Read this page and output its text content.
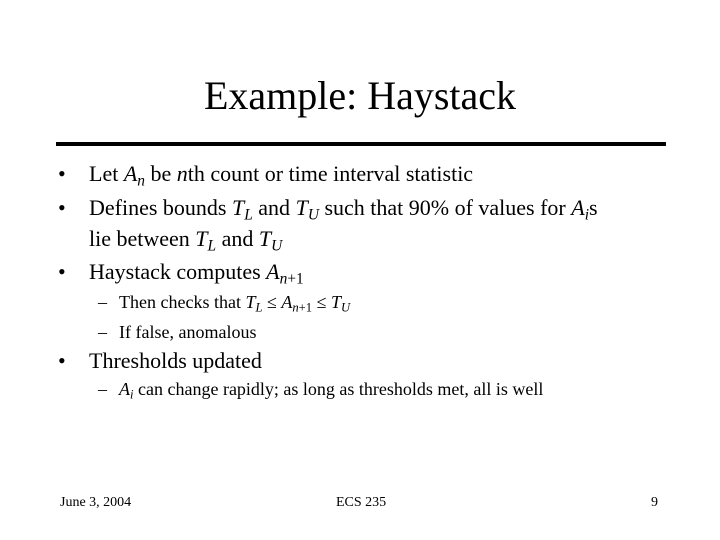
Example: Haystack
• Let $A_n$ be nth count or time interval statistic
• Defines bounds $T_L$ and $T_U$ such that 90% of values for $A_is$
lie between $T_L$ and $T_U$
• Haystack computes $A_{n+1}$
– Then checks that $T_L \le A_{n+1} \le T_U$
– If false, anomalous
• Thresholds updated
– $A_i$ can change rapidly; as long as thresholds met, all is well
June 3, 2004	ECS 235	9
